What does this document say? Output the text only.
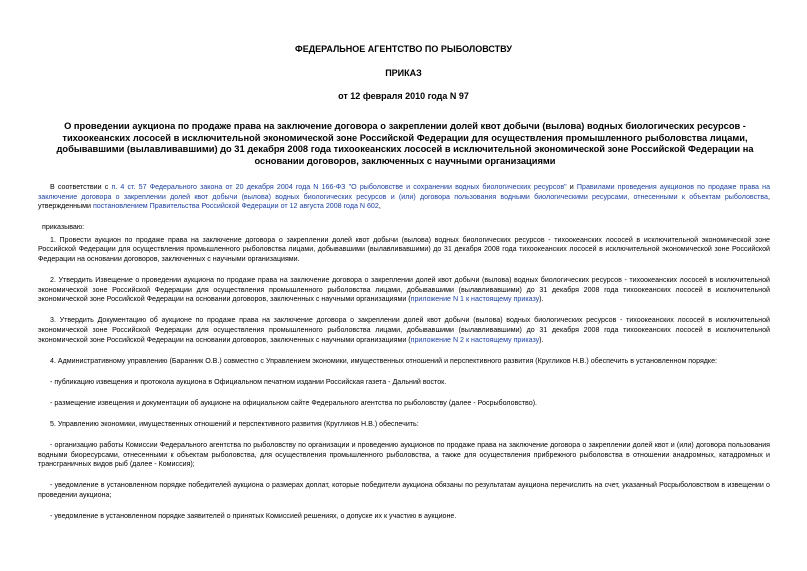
ФЕДЕРАЛЬНОЕ АГЕНТСТВО ПО РЫБОЛОВСТВУ
ПРИКАЗ
от 12 февраля 2010 года N 97
О проведении аукциона по продаже права на заключение договора о закреплении долей квот добычи (вылова) водных биологических ресурсов - тихоокеанских лососей в исключительной экономической зоне Российской Федерации для осуществления промышленного рыболовства лицами, добывавшими (вылавливавшими) до 31 декабря 2008 года тихоокеанских лососей в исключительной экономической зоне Российской Федерации на основании договоров, заключенных с научными организациями

В соответствии с п. 4 ст. 57 Федерального закона от 20 декабря 2004 года N 166-ФЗ "О рыболовстве и сохранении водных биологических ресурсов" и Правилами проведения аукционов по продаже права на заключение договора о закреплении долей квот добычи (вылова) водных биологических ресурсов и (или) договора пользования водными биологическими ресурсами, отнесенными к объектам рыболовства, утвержденными постановлением Правительства Российской Федерации от 12 августа 2008 года N 602,

приказываю:

1. Провести аукцион по продаже права на заключение договора о закреплении долей квот добычи (вылова) водных биологических ресурсов - тихоокеанских лососей в исключительной экономической зоне Российской Федерации для осуществления промышленного рыболовства лицами, добывавшими (вылавливавшими) до 31 декабря 2008 года тихоокеанских лососей в исключительной экономической зоне Российской Федерации на основании договоров, заключенных с научными организациями.

2. Утвердить Извещение о проведении аукциона по продаже права на заключение договора о закреплении долей квот добычи (вылова) водных биологических ресурсов - тихоокеанских лососей в исключительной экономической зоне Российской Федерации для осуществления промышленного рыболовства лицами, добывавшими (вылавливавшими) до 31 декабря 2008 года тихоокеанских лососей в исключительной экономической зоне Российской Федерации на основании договоров, заключенных с научными организациями (приложение N 1 к настоящему приказу).

3. Утвердить Документацию об аукционе по продаже права на заключение договора о закреплении долей квот добычи (вылова) водных биологических ресурсов - тихоокеанских лососей в исключительной экономической зоне Российской Федерации для осуществления промышленного рыболовства лицами, добывавшими (вылавливавшими) до 31 декабря 2008 года тихоокеанских лососей в исключительной экономической зоне Российской Федерации на основании договоров, заключенных с научными организациями (приложение N 2 к настоящему приказу).

4. Административному управлению (Баранник О.В.) совместно с Управлением экономики, имущественных отношений и перспективного развития (Кругликов Н.В.) обеспечить в установленном порядке:

- публикацию извещения и протокола аукциона в Официальном печатном издании Российская газета - Дальний восток.

- размещение извещения и документации об аукционе на официальном сайте Федерального агентства по рыболовству (далее - Росрыболовство).

5. Управлению экономики, имущественных отношений и перспективного развития (Кругликов Н.В.) обеспечить:

- организацию работы Комиссии Федерального агентства по рыболовству по организации и проведению аукционов по продаже права на заключение договора о закреплении долей квот и (или) договора пользования водными биоресурсами, отнесенными к объектам рыболовства, для осуществления промышленного рыболовства, а также для осуществления прибрежного рыболовства в отношении анадромных, катадромных и трансграничных видов рыб (далее - Комиссия);

- уведомление в установленном порядке победителей аукциона о размерах доплат, которые победители аукциона обязаны по результатам аукциона перечислить на счет, указанный Росрыболовством в извещении о проведении аукциона;

- уведомление в установленном порядке заявителей о принятых Комиссией решениях, о допуске их к участию в аукционе.
